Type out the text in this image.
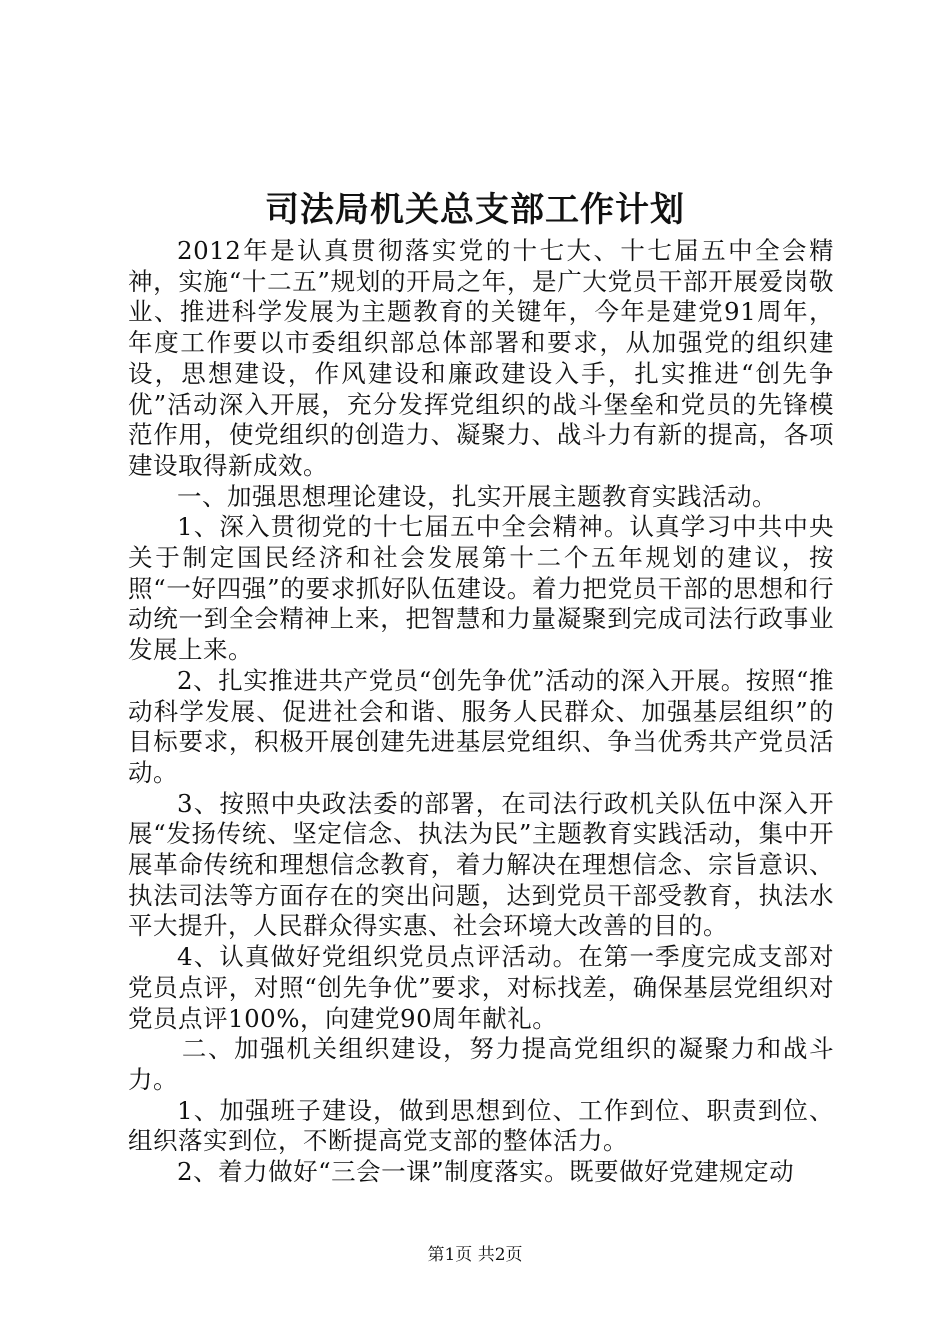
司法局机关总支部工作计划

2012年是认真贯彻落实党的十七大、十七届五中全会精神，实施“十二五”规划的开局之年，是广大党员干部开展爱岗敬业、推进科学发展为主题教育的关键年，今年是建党91周年，年度工作要以市委组织部总体部署和要求，从加强党的组织建设，思想建设，作风建设和廉政建设入手，扎实推进“创先争优”活动深入开展，充分发挥党组织的战斗堡垒和党员的先锋模范作用，使党组织的创造力、凝聚力、战斗力有新的提高，各项建设取得新成效。

一、加强思想理论建设，扎实开展主题教育实践活动。

1、深入贯彻党的十七届五中全会精神。认真学习中共中央关于制定国民经济和社会发展第十二个五年规划的建议，按照“一好四强”的要求抓好队伍建设。着力把党员干部的思想和行动统一到全会精神上来，把智慧和力量凝聚到完成司法行政事业发展上来。

2、扎实推进共产党员“创先争优”活动的深入开展。按照“推动科学发展、促进社会和谐、服务人民群众、加强基层组织”的目标要求，积极开展创建先进基层党组织、争当优秀共产党员活动。

3、按照中央政法委的部署，在司法行政机关队伍中深入开展“发扬传统、坚定信念、执法为民”主题教育实践活动，集中开展革命传统和理想信念教育，着力解决在理想信念、宗旨意识、执法司法等方面存在的突出问题，达到党员干部受教育，执法水平大提升，人民群众得实惠、社会环境大改善的目的。

4、认真做好党组织党员点评活动。在第一季度完成支部对党员点评，对照“创先争优”要求，对标找差，确保基层党组织对党员点评100%，向建党90周年献礼。

二、加强机关组织建设，努力提高党组织的凝聚力和战斗力。

1、加强班子建设，做到思想到位、工作到位、职责到位、组织落实到位，不断提高党支部的整体活力。

2、着力做好“三会一课”制度落实。既要做好党建规定动

第1页 共2页
